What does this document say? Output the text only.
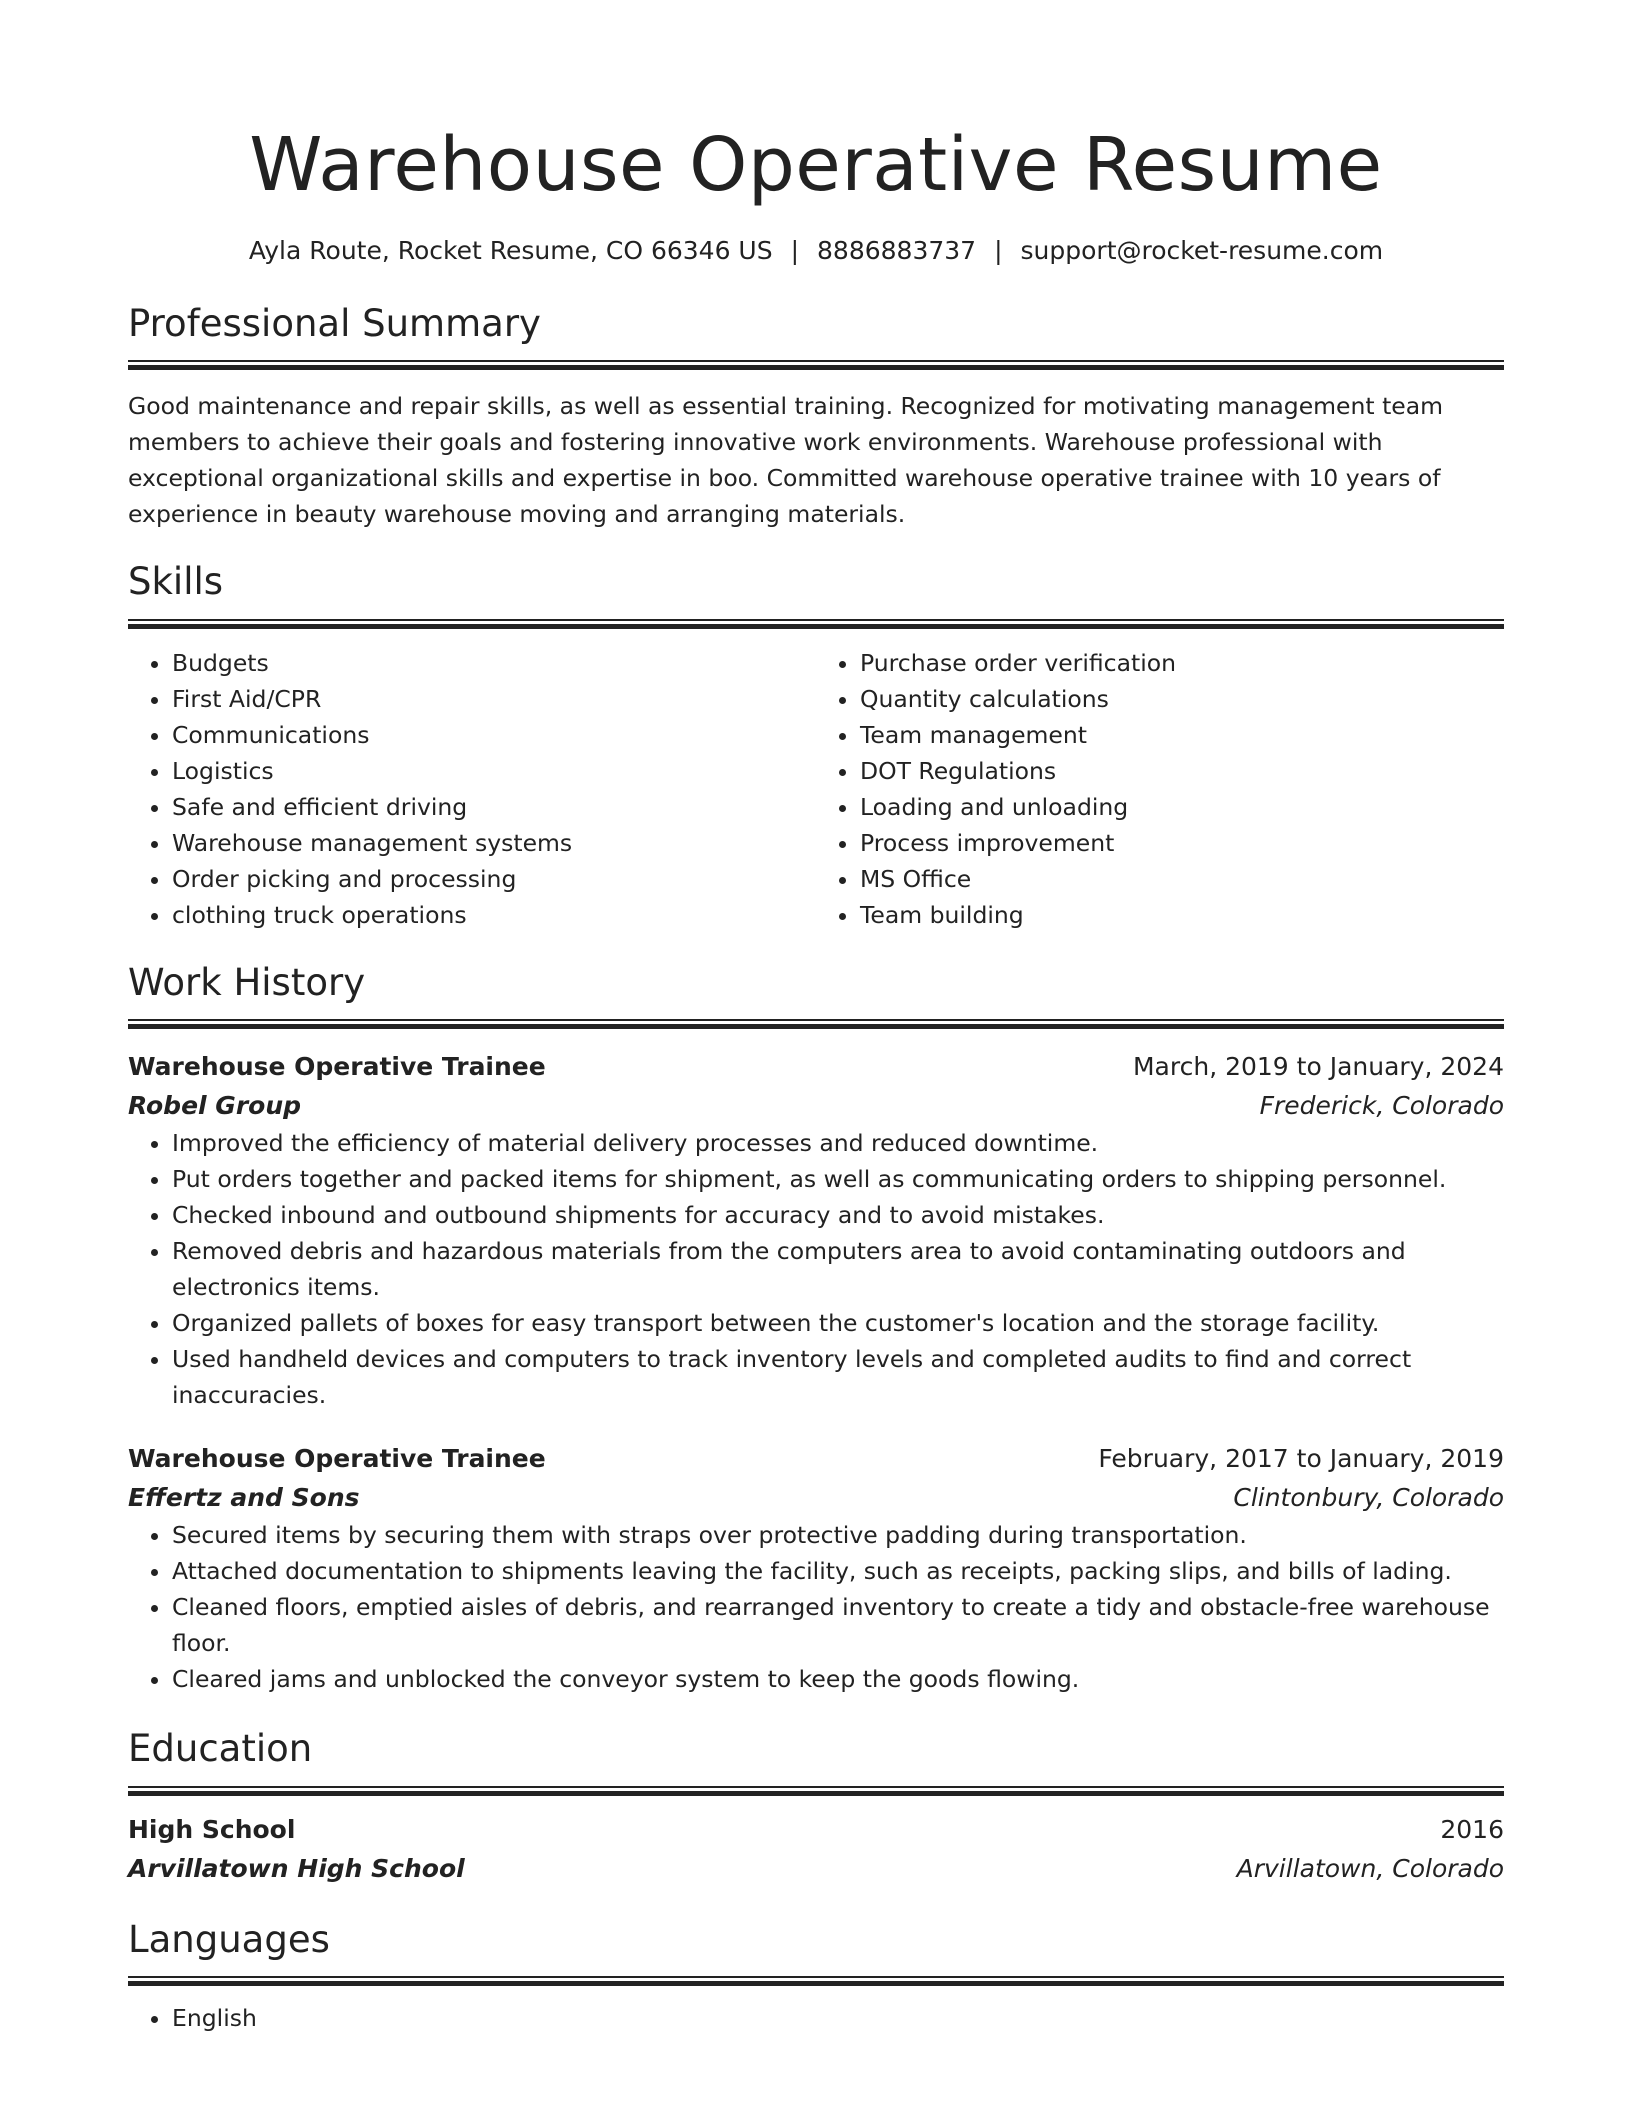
Warehouse Operative Resume
Ayla Route, Rocket Resume, CO 66346 US | 8886883737 | support@rocket-resume.com
Professional Summary

Good maintenance and repair skills, as well as essential training. Recognized for motivating management team members to achieve their goals and fostering innovative work environments. Warehouse professional with exceptional organizational skills and expertise in boo. Committed warehouse operative trainee with 10 years of experience in beauty warehouse moving and arranging materials.

Skills
• Budgets
• First Aid/CPR
• Communications
• Logistics
• Safe and efficient driving
• Warehouse management systems
• Order picking and processing
• clothing truck operations
• Purchase order verification
• Quantity calculations
• Team management
• DOT Regulations
• Loading and unloading
• Process improvement
• MS Office
• Team building
Work History
Warehouse Operative Trainee	March, 2019 to January, 2024
Robel Group	Frederick, Colorado
• Improved the efficiency of material delivery processes and reduced downtime.
• Put orders together and packed items for shipment, as well as communicating orders to shipping personnel.
• Checked inbound and outbound shipments for accuracy and to avoid mistakes.
• Removed debris and hazardous materials from the computers area to avoid contaminating outdoors and electronics items.
• Organized pallets of boxes for easy transport between the customer's location and the storage facility.
• Used handheld devices and computers to track inventory levels and completed audits to find and correct inaccuracies.
Warehouse Operative Trainee	February, 2017 to January, 2019
Effertz and Sons	Clintonbury, Colorado
• Secured items by securing them with straps over protective padding during transportation.
• Attached documentation to shipments leaving the facility, such as receipts, packing slips, and bills of lading.
• Cleaned floors, emptied aisles of debris, and rearranged inventory to create a tidy and obstacle-free warehouse floor.
• Cleared jams and unblocked the conveyor system to keep the goods flowing.
Education
High School	2016
Arvillatown High School	Arvillatown, Colorado
Languages
• English
